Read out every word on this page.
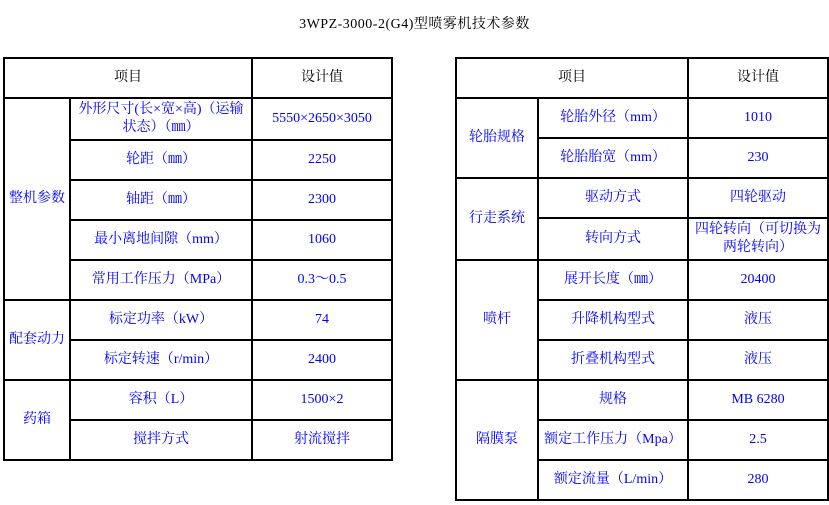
3WPZ-3000-2(G4)型喷雾机技术参数
项目		设计值
整机参数	外形尺寸(长×宽×高)（运输状态）（㎜）	5550×2650×3050
	轮距（㎜）	2250
	轴距（㎜）	2300
	最小离地间隙（mm）	1060
	常用工作压力（MPa）	0.3～0.5
配套动力	标定功率（kW）	74
	标定转速（r/min）	2400
药箱	容积（L）	1500×2
	搅拌方式	射流搅拌
项目		设计值
轮胎规格	轮胎外径（mm）	1010
	轮胎胎宽（mm）	230
行走系统	驱动方式	四轮驱动
	转向方式	四轮转向（可切换为两轮转向）
喷杆	展开长度（㎜）	20400
	升降机构型式	液压
	折叠机构型式	液压
隔膜泵	规格	MB 6280
	额定工作压力（Mpa）	2.5
	额定流量（L/min）	280
